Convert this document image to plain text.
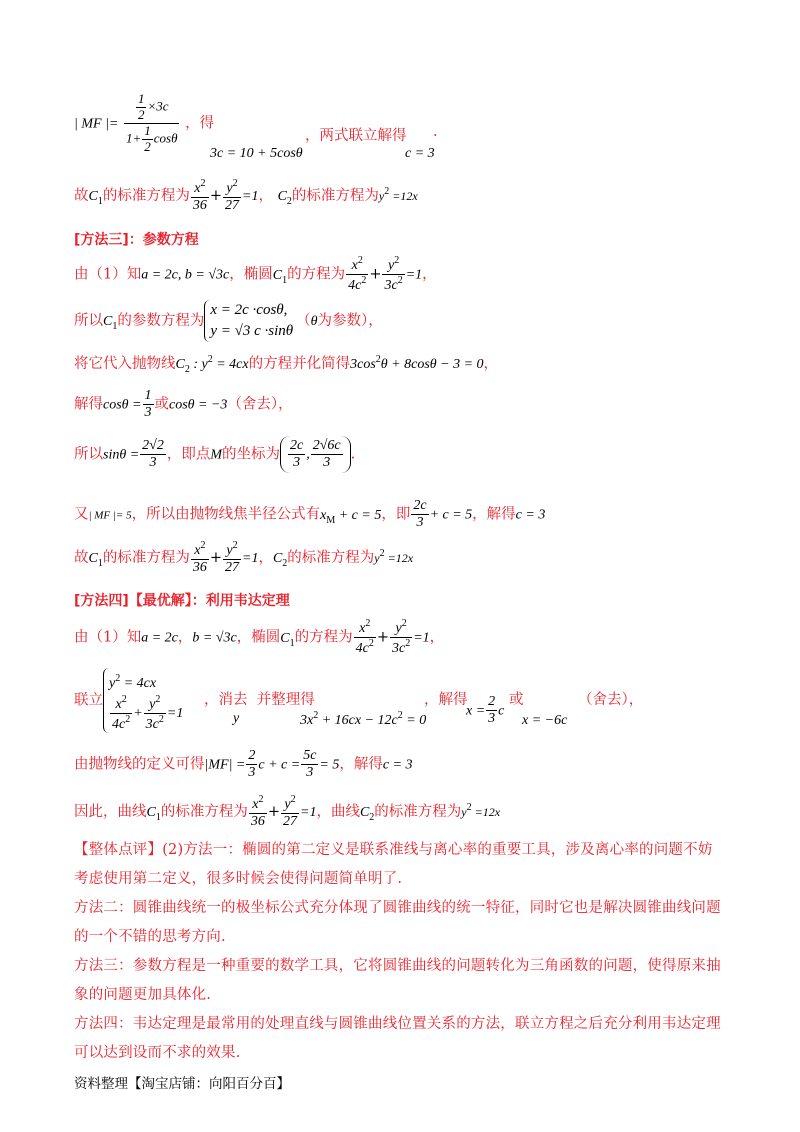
| MF |= $\frac{\frac{1}{2} \times 3c}{1+ \frac{1}{2} \cos\theta}$ ，得
3c = 10 + 5cosθ
，两式联立解得 .
c = 3
故$C_1$的标准方程为 $\frac{x^2}{36} + \frac{y^2}{27} =1$， $C_2$的标准方程为$y^2 =12x$
[方法三]：参数方程
由（1）知a = 2c, b = √3c，椭圆$C_1$的方程为 $\frac{x^2}{4c^2} + \frac{y^2}{3c^2} =1$，
所以$C_1$的参数方程为
x = 2c ·cosθ,
y = √3 c ·sinθ
（θ为参数），
将它代入抛物线$C_2$ : $y^2 = 4cx$的方程并化简得$3\cos^2\theta + 8\cos\theta - 3 = 0$，
解得$\cos\theta = \frac{1}{3}$ 或cosθ = −3（舍去），
所以$\sin\theta = \frac{2√2}{3}$ ，即点M的坐标为 $\frac{2c}{3}$ , $\frac{2√6c}{3}$ .
又| MF |= 5，所以由抛物线焦半径公式有$x_M + c = 5$，即 $\frac{2c}{3} + c = 5$，解得c = 3
故$C_1$的标准方程为 $\frac{x^2}{36} + \frac{y^2}{27} =1$，$C_2$的标准方程为$y^2 =12x$
[方法四]【最优解】：利用韦达定理
由（1）知a = 2c，b = √3c，椭圆$C_1$的方程为 $\frac{x^2}{4c^2} + \frac{y^2}{3c^2} =1$，
联立
$y^2 = 4cx$
$\frac{x^2}{4c^2} + \frac{y^2}{3c^2} =1$
，消去 并整理得
y	$3x^2 + 16cx - 12c^2 = 0$
，解得
$x = \frac{2}{3}$ c
或
x = −6c
（舍去），
由抛物线的定义可得$|MF| = \frac{2}{3}$ $c + c = \frac{5c}{3} = 5$，解得c = 3
因此，曲线$C_1$的标准方程为 $\frac{x^2}{36} + \frac{y^2}{27} =1$，曲线$C_2$的标准方程为$y^2 =12x$
【整体点评】(2)方法一：椭圆的第二定义是联系准线与离心率的重要工具，涉及离心率的问题不妨考虑使用第二定义，很多时候会使得问题简单明了.
方法二：圆锥曲线统一的极坐标公式充分体现了圆锥曲线的统一特征，同时它也是解决圆锥曲线问题的一个不错的思考方向.
方法三：参数方程是一种重要的数学工具，它将圆锥曲线的问题转化为三角函数的问题，使得原来抽象的问题更加具体化.
方法四：韦达定理是最常用的处理直线与圆锥曲线位置关系的方法，联立方程之后充分利用韦达定理可以达到设而不求的效果.
资料整理【淘宝店铺：向阳百分百】
